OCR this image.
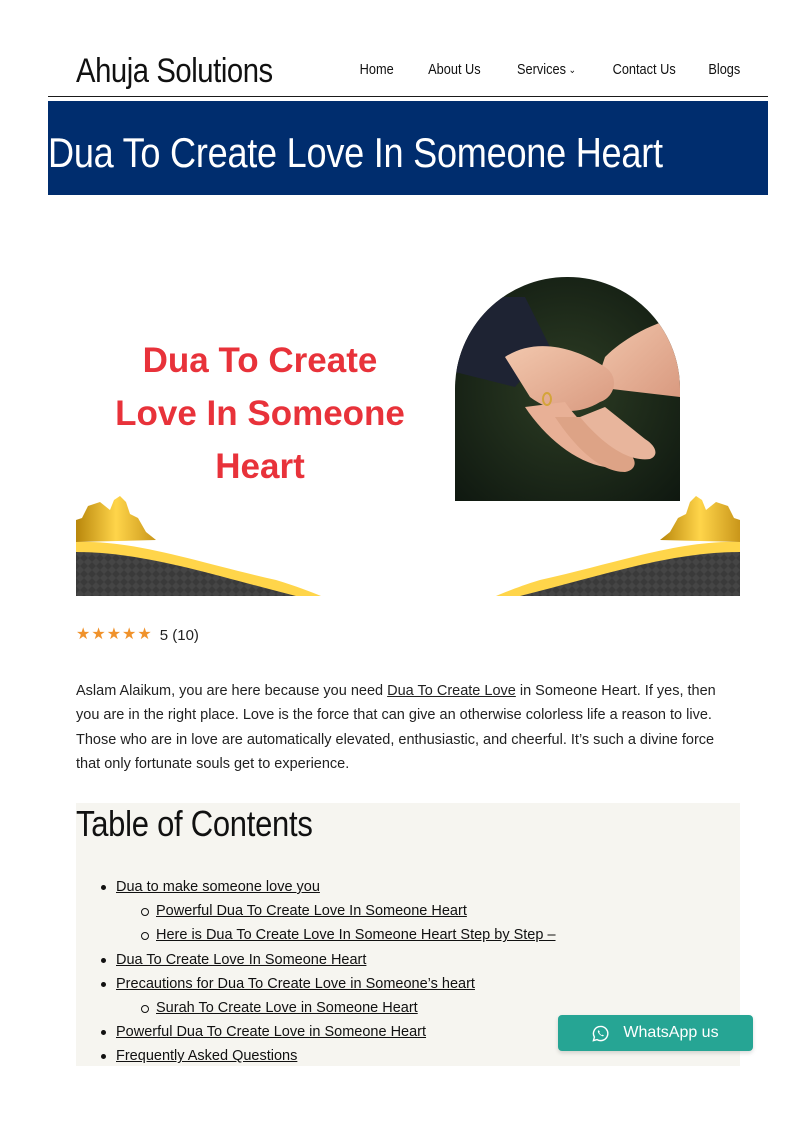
Ahuja Solutions	Home About Us Services ⌄	Contact Us Blogs
Dua To Create Love In Someone Heart
Dua To Create
Love In Someone
Heart
★ ★ ★ ★ ★ 5 (10)

Aslam Alaikum, you are here because you need Dua To Create Love in Someone Heart. If yes, then you are in the right place. Love is the force that can give an otherwise colorless life a reason to live. Those who are in love are automatically elevated, enthusiastic, and cheerful. It’s such a divine force that only fortunate souls get to experience.

Table of Contents
Dua to make someone love you
Powerful Dua To Create Love In Someone Heart
Here is Dua To Create Love In Someone Heart Step by Step –
Dua To Create Love In Someone Heart
Precautions for Dua To Create Love in Someone’s heart
Surah To Create Love in Someone Heart
Powerful Dua To Create Love in Someone Heart
Frequently Asked Questions
WhatsApp us
